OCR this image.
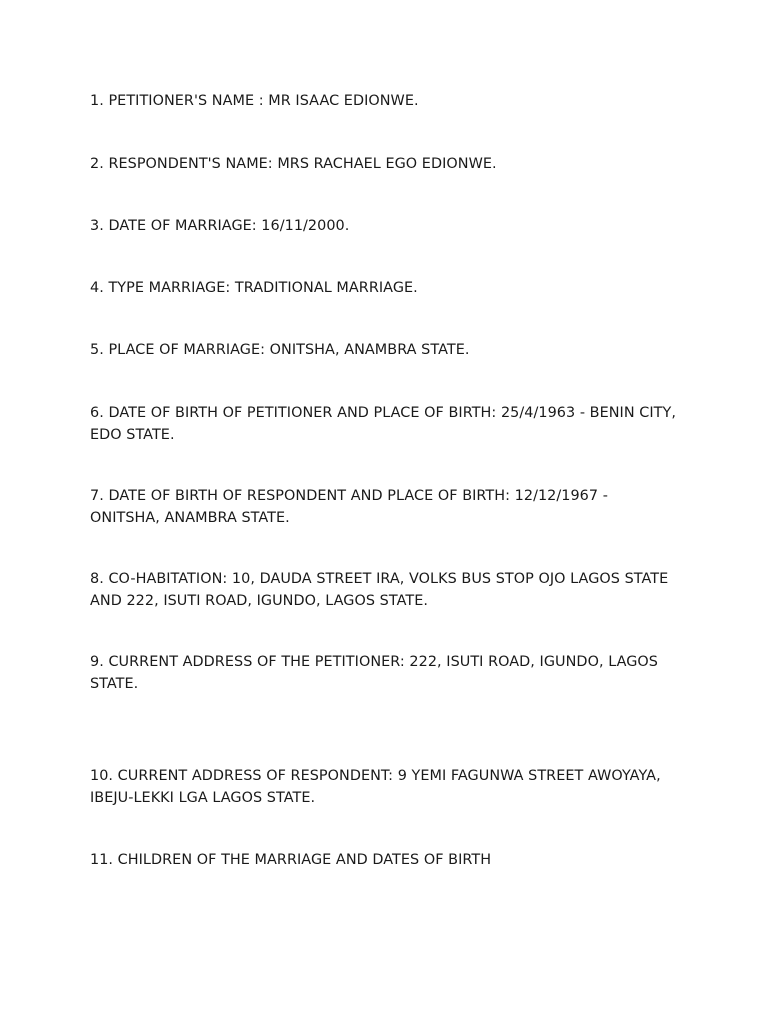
1. PETITIONER'S NAME : MR ISAAC EDIONWE.

2. RESPONDENT'S NAME: MRS RACHAEL EGO EDIONWE.

3. DATE OF MARRIAGE: 16/11/2000.

4. TYPE MARRIAGE: TRADITIONAL MARRIAGE.

5. PLACE OF MARRIAGE: ONITSHA, ANAMBRA STATE.

6. DATE OF BIRTH OF PETITIONER AND PLACE OF BIRTH: 25/4/1963 - BENIN CITY,  EDO STATE.

7. DATE OF BIRTH OF RESPONDENT AND PLACE OF BIRTH: 12/12/1967 - ONITSHA, ANAMBRA STATE.

8. CO-HABITATION: 10, DAUDA STREET IRA, VOLKS BUS STOP OJO LAGOS STATE AND 222, ISUTI ROAD, IGUNDO, LAGOS STATE.

9. CURRENT ADDRESS OF THE PETITIONER: 222, ISUTI ROAD, IGUNDO, LAGOS STATE.

10. CURRENT ADDRESS OF RESPONDENT: 9 YEMI FAGUNWA STREET AWOYAYA, IBEJU-LEKKI LGA LAGOS STATE.

11. CHILDREN OF THE MARRIAGE AND DATES OF BIRTH
